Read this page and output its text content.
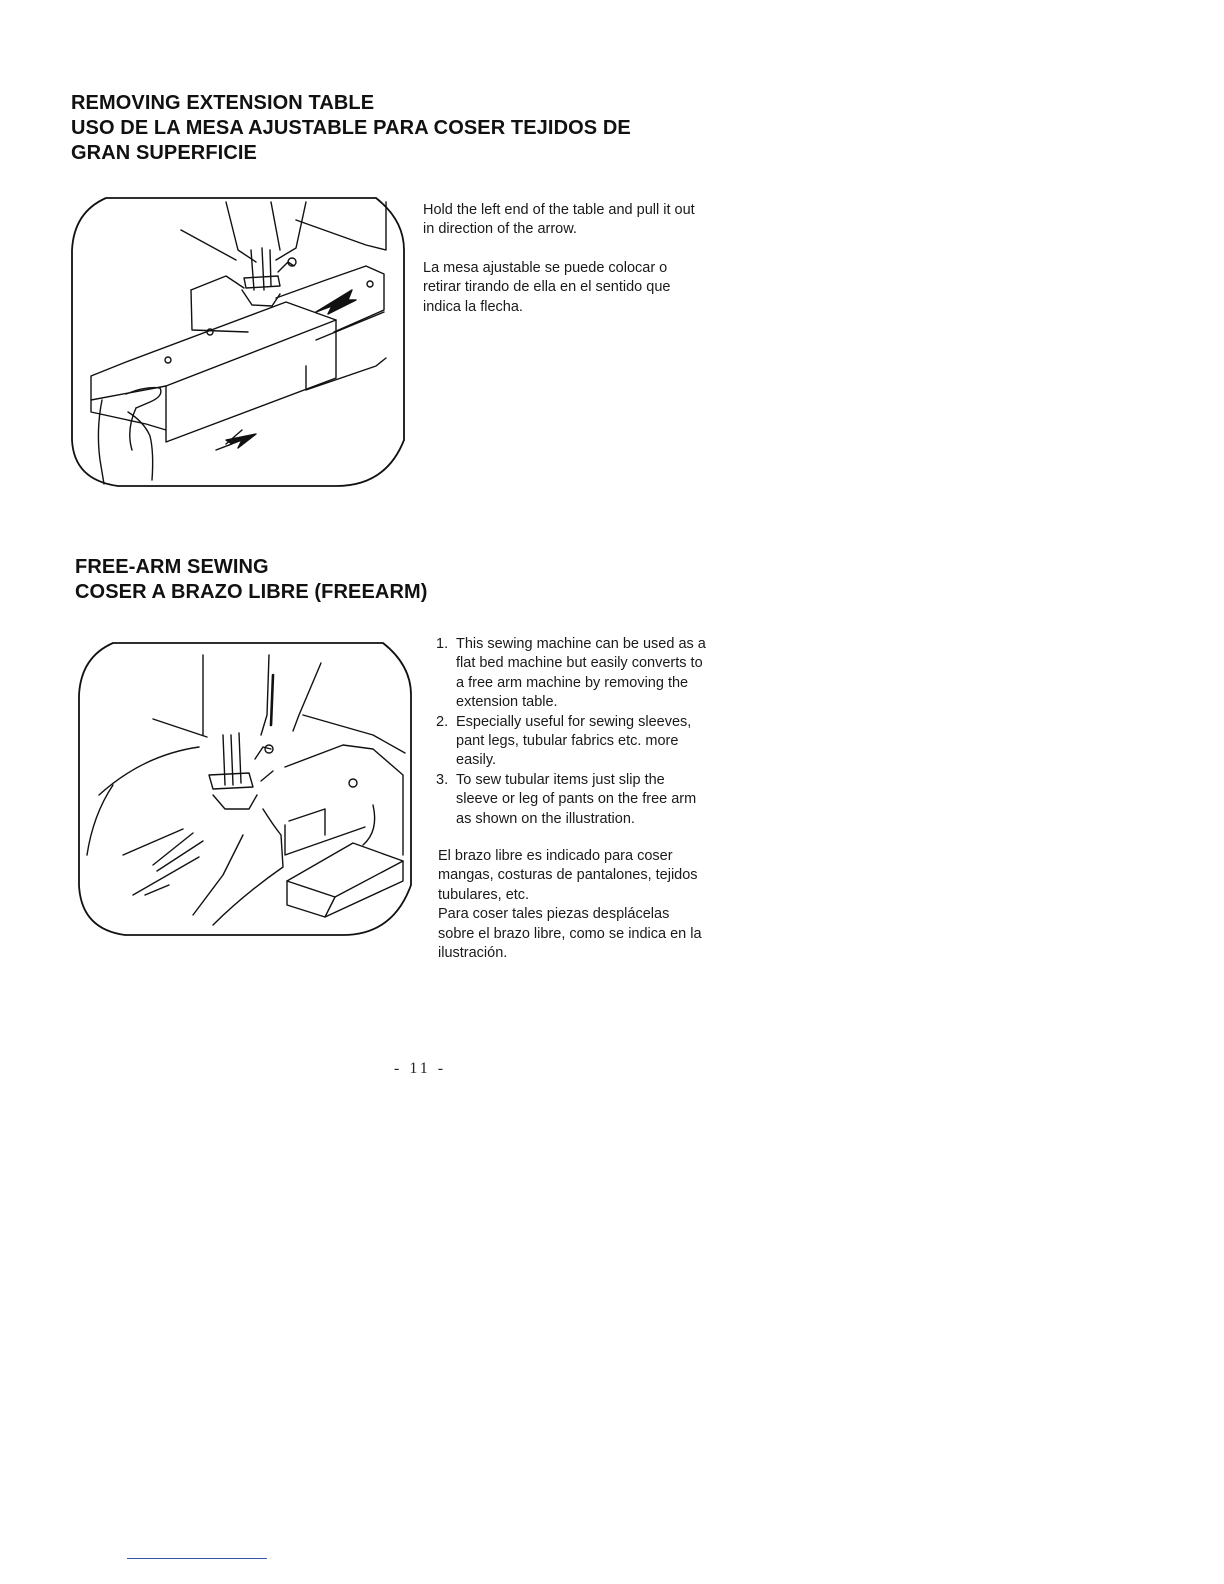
REMOVING EXTENSION TABLE
USO DE LA MESA AJUSTABLE PARA COSER TEJIDOS DE
GRAN SUPERFICIE

Hold the left end of the table and pull it out
in direction of the arrow.

La mesa ajustable se puede colocar o
retirar tirando de ella en el sentido que
indica la flecha.

FREE-ARM SEWING
COSER A BRAZO LIBRE (FREEARM)
1. This sewing machine can be used as a
flat bed machine but easily converts to
a free arm machine by removing the
extension table.
2. Especially useful for sewing sleeves,
pant legs, tubular fabrics etc. more
easily.
3. To sew tubular items just slip the
sleeve or leg of pants on the free arm
as shown on the illustration.

El brazo libre es indicado para coser
mangas, costuras de pantalones, tejidos
tubulares, etc.
Para coser tales piezas desplácelas
sobre el brazo libre, como se indica en la
ilustración.

- 11 -
